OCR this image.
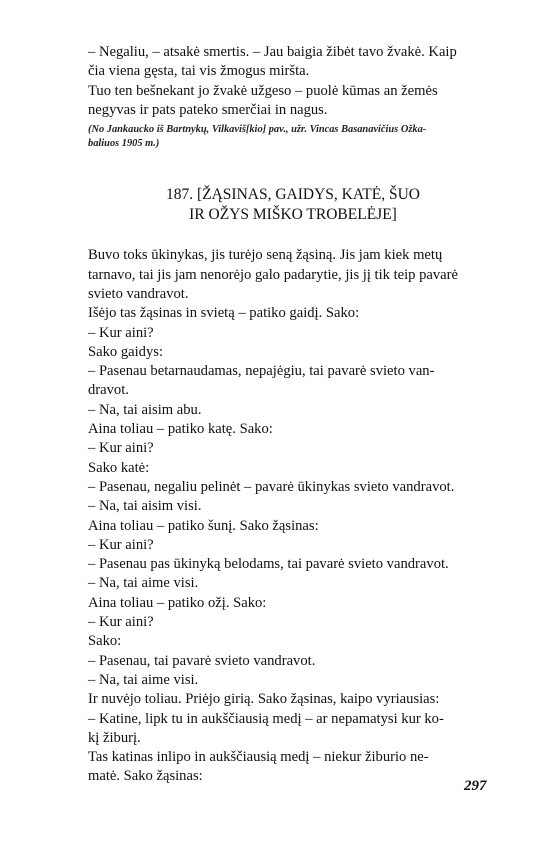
– Negaliu, – atsakė smertis. – Jau baigia žibėt tavo žvakė. Kaip

čia viena gęsta, tai vis žmogus miršta.

Tuo ten bešnekant jo žvakė užgeso – puolė kūmas an žemės

negyvas ir pats pateko smerčiai in nagus.

(No Jankaucko iš Bartnykų, Vilkaviš[kio] pav., užr. Vincas Basanavičius Ožka-

baliuos 1905 m.)

187. [ŽĄSINAS, GAIDYS, KATĖ, ŠUO

IR OŽYS MIŠKO TROBELĖJE]

Buvo toks ūkinykas, jis turėjo seną žąsiną. Jis jam kiek metų

tarnavo, tai jis jam nenorėjo galo padarytie, jis jį tik teip pavarė

svieto vandravot.

Išėjo tas žąsinas in svietą – patiko gaidį. Sako:

– Kur aini?

Sako gaidys:

– Pasenau betarnaudamas, nepajėgiu, tai pavarė svieto van-

dravot.

– Na, tai aisim abu.

Aina toliau – patiko katę. Sako:

– Kur aini?

Sako katė:

– Pasenau, negaliu pelinėt – pavarė ūkinykas svieto vandravot.

– Na, tai aisim visi.

Aina toliau – patiko šunį. Sako žąsinas:

– Kur aini?

– Pasenau pas ūkinyką belodams, tai pavarė svieto vandravot.

– Na, tai aime visi.

Aina toliau – patiko ožį. Sako:

– Kur aini?

Sako:

– Pasenau, tai pavarė svieto vandravot.

– Na, tai aime visi.

Ir nuvėjo toliau. Priėjo girią. Sako žąsinas, kaipo vyriausias:

– Katine, lipk tu in aukščiausią medį – ar nepamatysi kur ko-

kį žiburį.

Tas katinas inlipo in aukščiausią medį – niekur žiburio ne-

matė. Sako žąsinas:

297
